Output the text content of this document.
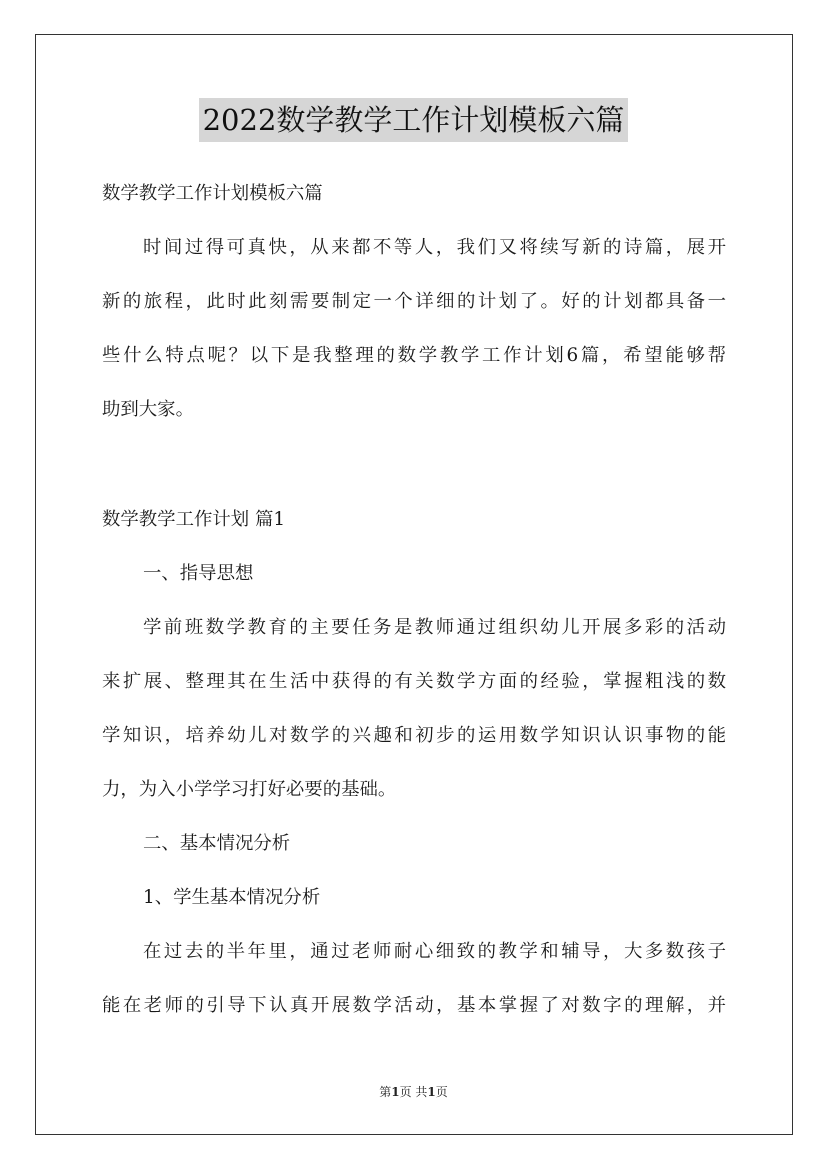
2022数学教学工作计划模板六篇
数学教学工作计划模板六篇
时间过得可真快，从来都不等人，我们又将续写新的诗篇，展开
新的旅程，此时此刻需要制定一个详细的计划了。好的计划都具备一
些什么特点呢？以下是我整理的数学教学工作计划6篇，希望能够帮
助到大家。
数学教学工作计划 篇1
一、指导思想
学前班数学教育的主要任务是教师通过组织幼儿开展多彩的活动
来扩展、整理其在生活中获得的有关数学方面的经验，掌握粗浅的数
学知识，培养幼儿对数学的兴趣和初步的运用数学知识认识事物的能
力，为入小学学习打好必要的基础。
二、基本情况分析
1、学生基本情况分析
在过去的半年里，通过老师耐心细致的教学和辅导，大多数孩子
能在老师的引导下认真开展数学活动，基本掌握了对数字的理解，并
第1页 共1页
